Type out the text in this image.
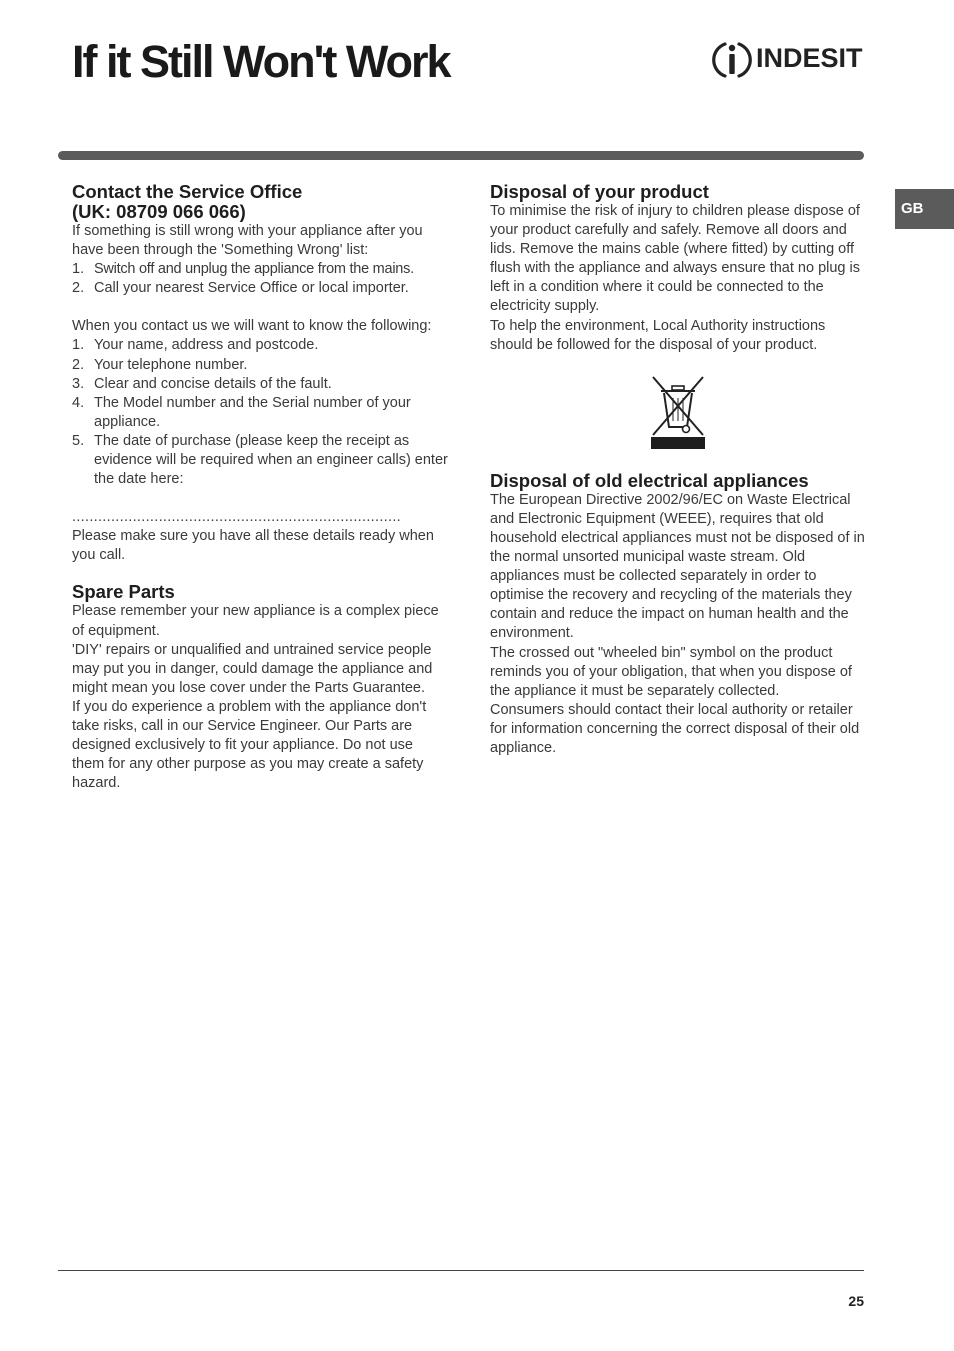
If it Still Won't Work	INDESIT
GB
Contact the Service Office
(UK: 08709 066 066)

If something is still wrong with your appliance after you have been through the 'Something Wrong' list:

1. Switch off and unplug the appliance from the mains.
2. Call your nearest Service Office or local importer.

When you contact us we will want to know the following:

1. Your name, address and postcode.
2. Your telephone number.
3. Clear and concise details of the fault.
4. The Model number and the Serial number of your appliance.
5. The date of purchase (please keep the receipt as evidence will be required when an engineer calls) enter the date here:
............................................................................

Please make sure you have all these details ready when you call.

Spare Parts

Please remember your new appliance is a complex piece of equipment.

'DIY' repairs or unqualified and untrained service people may put you in danger, could damage the appliance and might mean you lose cover under the Parts Guarantee.

If you do experience a problem with the appliance don't take risks, call in our Service Engineer. Our Parts are designed exclusively to fit your appliance. Do not use them for any other purpose as you may create a safety hazard.

Disposal of your product

To minimise the risk of injury to children please dispose of your product carefully and safely. Remove all doors and lids. Remove the mains cable (where fitted) by cutting off flush with the appliance and always ensure that no plug is left in a condition where it could be connected to the electricity supply.

To help the environment, Local Authority instructions should be followed for the disposal of your product.

Disposal of old electrical appliances

The European Directive 2002/96/EC on Waste Electrical and Electronic Equipment (WEEE), requires that old household electrical appliances must not be disposed of in the normal unsorted municipal waste stream. Old appliances must be collected separately in order to optimise the recovery and recycling of the materials they contain and reduce the impact on human health and the environment.

The crossed out "wheeled bin" symbol on the product reminds you of your obligation, that when you dispose of the appliance it must be separately collected.

Consumers should contact their local authority or retailer for information concerning the correct disposal of their old appliance.

25
